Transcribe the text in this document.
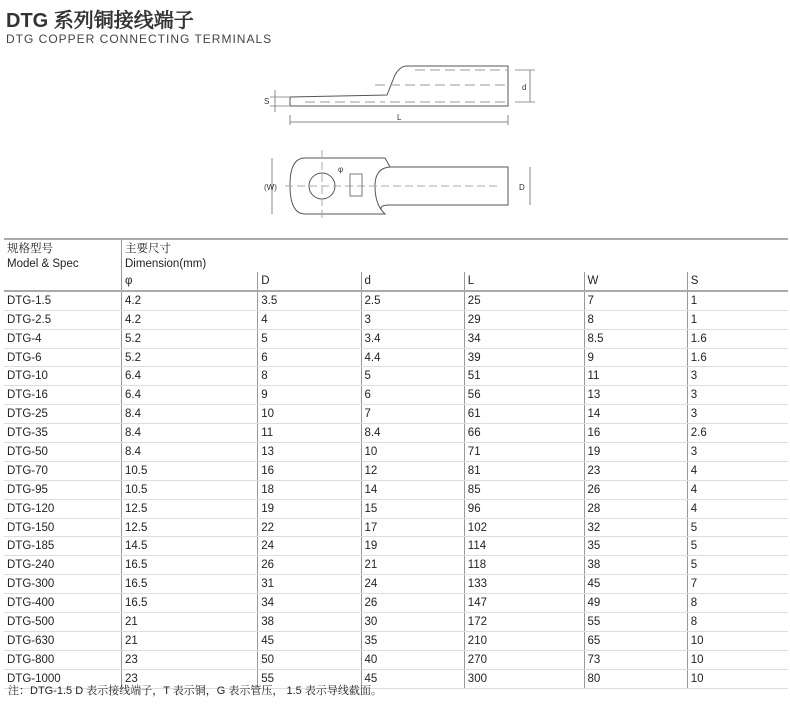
DTG 系列铜接线端子
DTG COPPER CONNECTING TERMINALS
S
d
L
(W)	D
φ
规格型号	主要尺寸					
Model & Spec	Dimension(mm)					
	φ	D	d	L	W	S
DTG-1.5	4.2	3.5	2.5	25	7	1
DTG-2.5	4.2	4	3	29	8	1
DTG-4	5.2	5	3.4	34	8.5	1.6
DTG-6	5.2	6	4.4	39	9	1.6
DTG-10	6.4	8	5	51	11	3
DTG-16	6.4	9	6	56	13	3
DTG-25	8.4	10	7	61	14	3
DTG-35	8.4	11	8.4	66	16	2.6
DTG-50	8.4	13	10	71	19	3
DTG-70	10.5	16	12	81	23	4
DTG-95	10.5	18	14	85	26	4
DTG-120	12.5	19	15	96	28	4
DTG-150	12.5	22	17	102	32	5
DTG-185	14.5	24	19	114	35	5
DTG-240	16.5	26	21	118	38	5
DTG-300	16.5	31	24	133	45	7
DTG-400	16.5	34	26	147	49	8
DTG-500	21	38	30	172	55	8
DTG-630	21	45	35	210	65	10
DTG-800	23	50	40	270	73	10
DTG-1000	23	55	45	300	80	10
注：DTG-1.5 D 表示接线端子，T 表示铜，G 表示管压， 1.5 表示导线截面。
